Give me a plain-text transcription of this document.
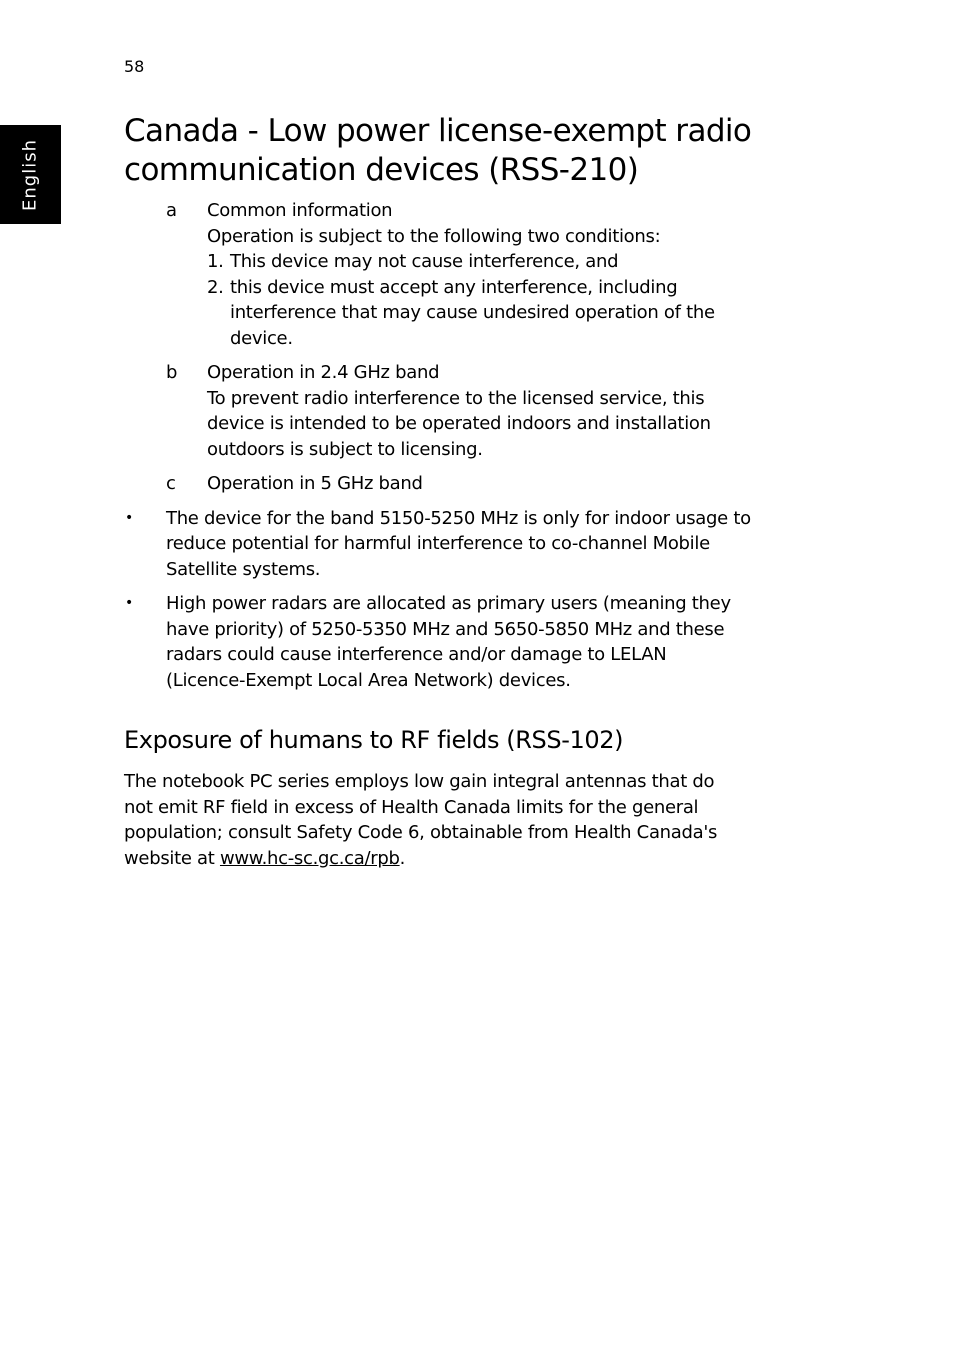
58
English
Canada - Low power license-exempt radio
communication devices (RSS-210)
a Common information
Operation is subject to the following two conditions:
1. This device may not cause interference, and
2. this device must accept any interference, including
interference that may cause undesired operation of the
device.
b Operation in 2.4 GHz band
To prevent radio interference to the licensed service, this
device is intended to be operated indoors and installation
outdoors is subject to licensing.
c Operation in 5 GHz band
• The device for the band 5150-5250 MHz is only for indoor usage to
reduce potential for harmful interference to co-channel Mobile
Satellite systems.
• High power radars are allocated as primary users (meaning they
have priority) of 5250-5350 MHz and 5650-5850 MHz and these
radars could cause interference and/or damage to LELAN
(Licence-Exempt Local Area Network) devices.
Exposure of humans to RF fields (RSS-102)
The notebook PC series employs low gain integral antennas that do
not emit RF field in excess of Health Canada limits for the general
population; consult Safety Code 6, obtainable from Health Canada's
website at www.hc-sc.gc.ca/rpb.
